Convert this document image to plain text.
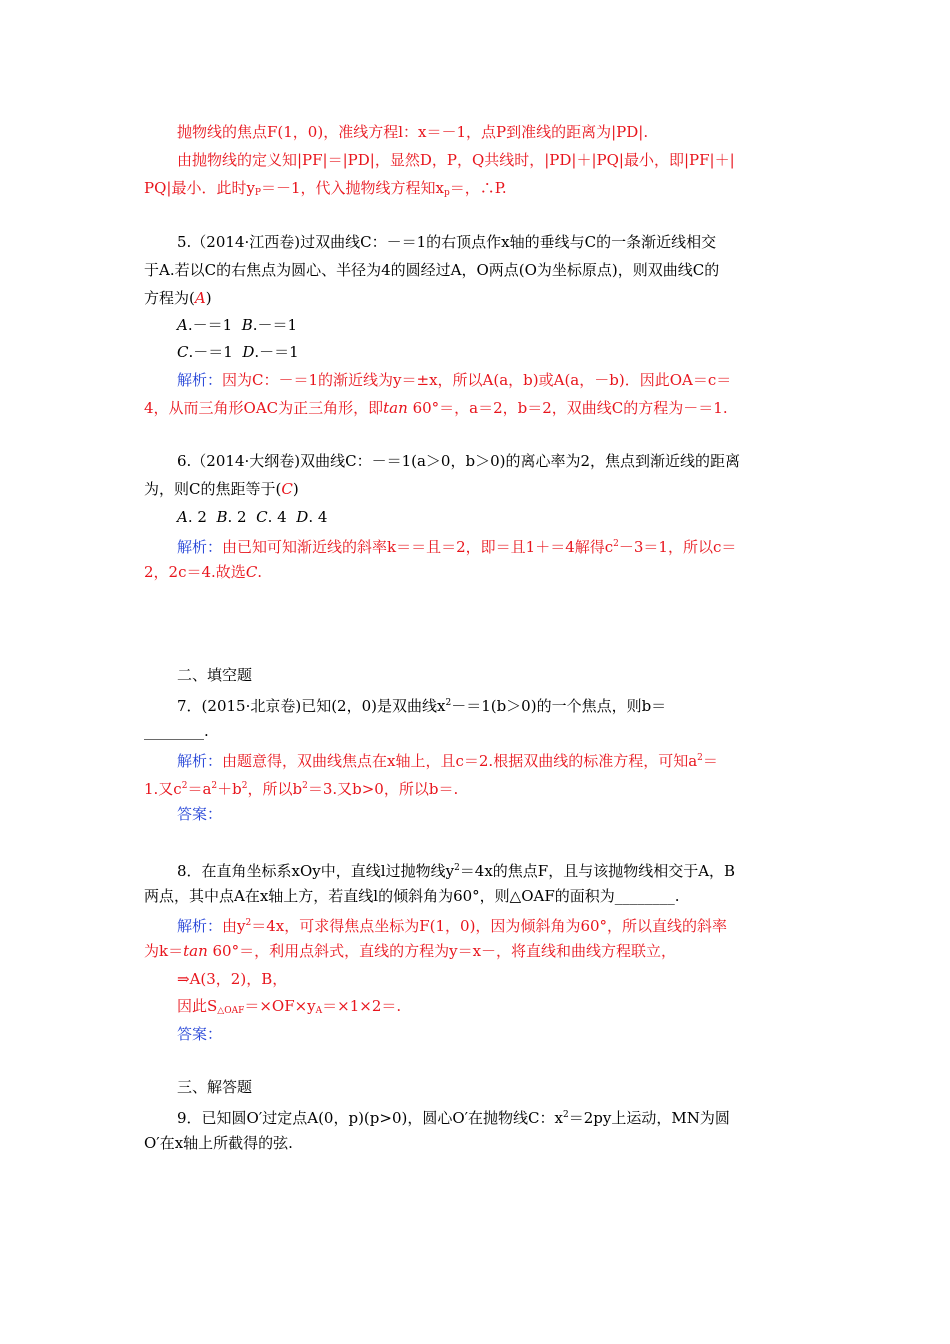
抛物线的焦点F(1，0)，准线方程l：x＝－1，点P到准线的距离为|PD|.
由抛物线的定义知|PF|＝|PD|，显然D，P，Q共线时，|PD|＋|PQ|最小，即|PF|＋|
PQ|最小．此时$y_P=-1$，代入抛物线方程知$x_p=$，∴P.
5.（2014·江西卷)过双曲线C：－＝1的右顶点作x轴的垂线与C的一条渐近线相交
于A.若以C的右焦点为圆心、半径为4的圆经过A，O两点(O为坐标原点)，则双曲线C的
方程为(A)
A.－＝1 B.－＝1
C.－＝1 D.－＝1
解析：因为C：－＝1的渐近线为y＝±x，所以A(a，b)或A(a，－b)．因此OA＝c＝
4，从而三角形OAC为正三角形，即tan 60°＝，a＝2，b＝2，双曲线C的方程为－＝1.
6.（2014·大纲卷)双曲线C：－＝1(a＞0，b＞0)的离心率为2，焦点到渐近线的距离
为，则C的焦距等于(C)
A. 2 B. 2 C. 4 D. 4
解析：由已知可知渐近线的斜率k＝＝且＝2，即＝且1＋＝4解得$c^2-3=1$，所以c＝
2，2c＝4.故选C.
二、填空题
7．(2015·北京卷)已知(2，0)是双曲线$x^2-=1(b>0)$的一个焦点，则b＝
________.
解析：由题意得，双曲线焦点在x轴上，且c＝2.根据双曲线的标准方程，可知$a^2=$
1.又$c^2=a^2+b^2$，所以$b^2=3$.又b>0，所以b＝.
答案：
8．在直角坐标系xOy中，直线l过抛物线$y^2=4x$的焦点F，且与该抛物线相交于A，B
两点，其中点A在x轴上方，若直线l的倾斜角为60°，则△OAF的面积为________.
解析：由$y^2=4x$，可求得焦点坐标为F(1，0)，因为倾斜角为60°，所以直线的斜率
为k＝tan 60°＝，利用点斜式，直线的方程为y＝x－，将直线和曲线方程联立，
⇒A(3，2)，B，
因此$S_{\triangle OAF}=\times OF\times y_A=\times 1\times 2=$.
答案：
三、解答题
9．已知圆O′过定点A(0，p)(p>0)，圆心O′在抛物线C：$x^2=2py$上运动，MN为圆
O′在x轴上所截得的弦.
